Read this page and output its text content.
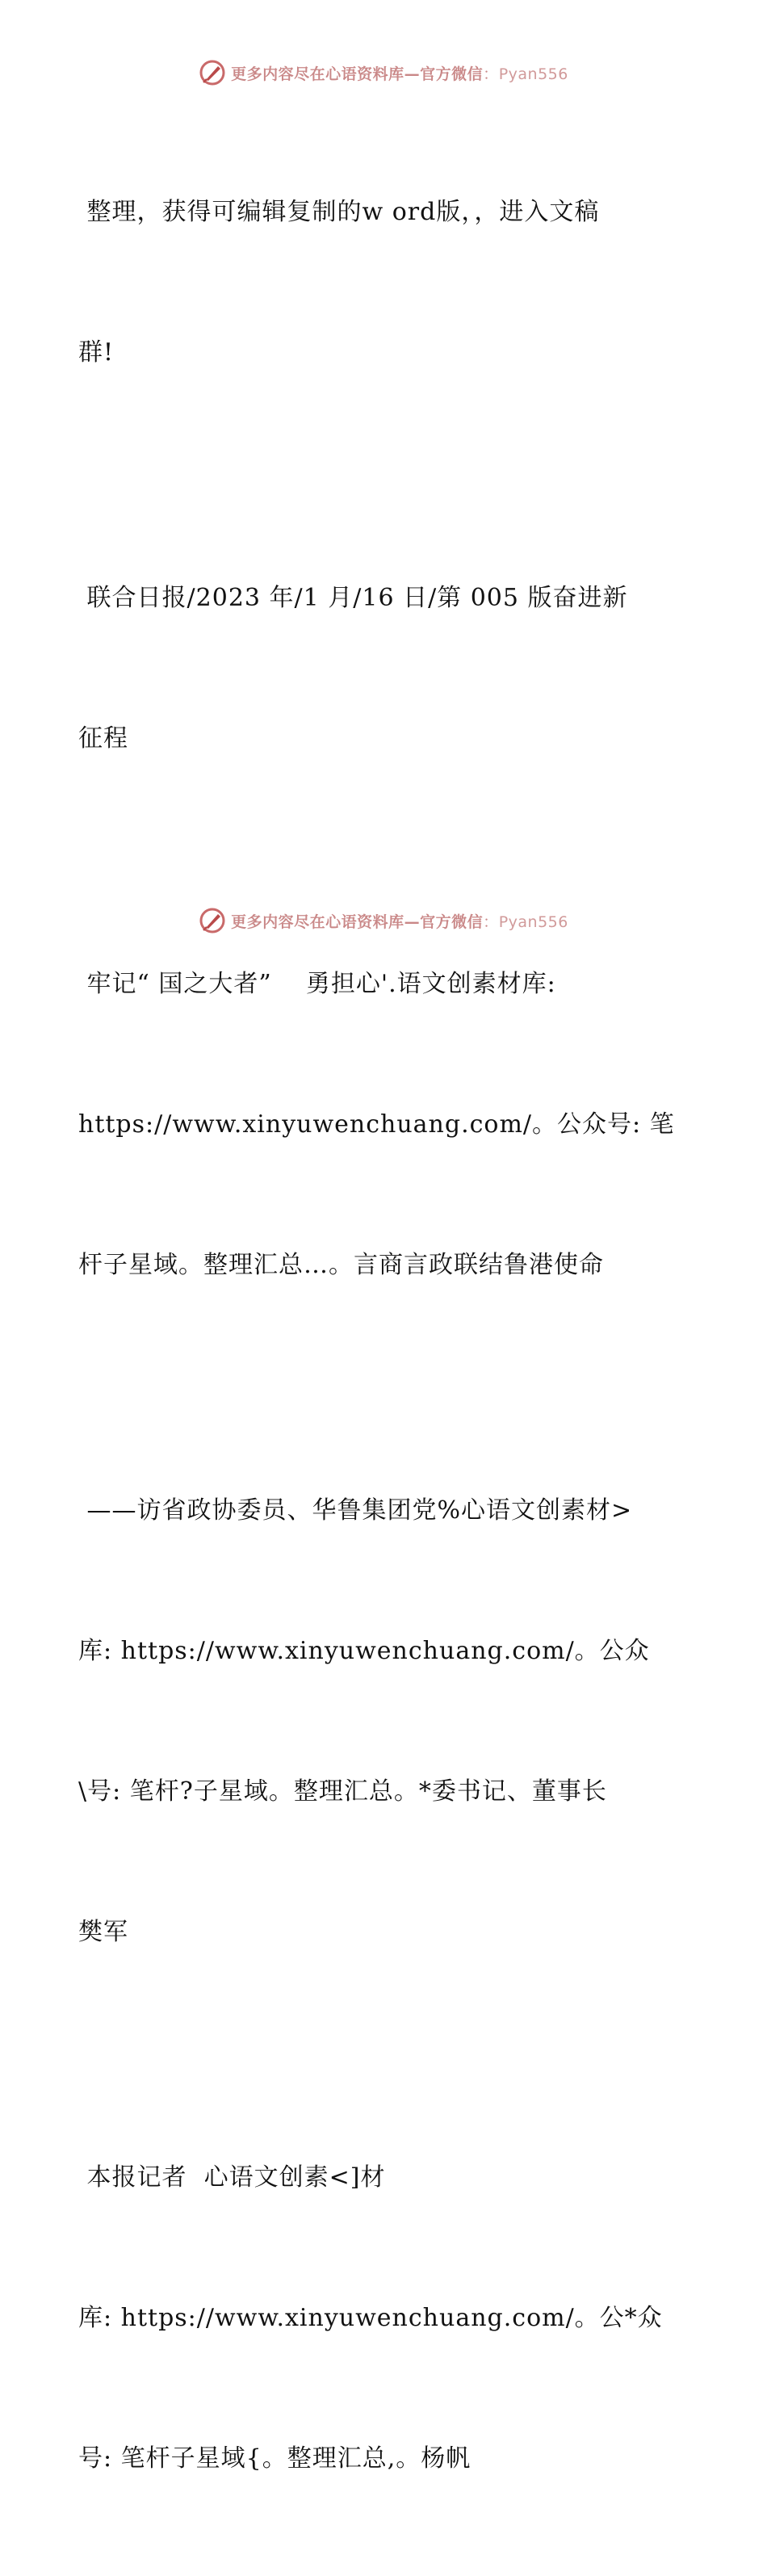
更多内容尽在心语资料库—官方微信：Pyan556

整理，获得可编辑复制的w ord版，，进入文稿

群!

联合日报/2023 年/1 月/16 日/第 005 版奋进新

征程

牢记“ 国之大者”    勇担心'.语文创素材库:

https://www.xinyuwenchuang.com/。公众号: 笔

杆子星域。整理汇总…。言商言政联结鲁港使命

——访省政协委员、华鲁集团党%心语文创素材>

库: https://www.xinyuwenchuang.com/。公众

\号: 笔杆?子星域。整理汇总。*委书记、董事长

樊军

本报记者  心语文创素<]材

库: https://www.xinyuwenchuang.com/。公*众

号: 笔杆子星域{。整理汇总,。杨帆

更多内容尽在心语资料库—官方微信：Pyan556
